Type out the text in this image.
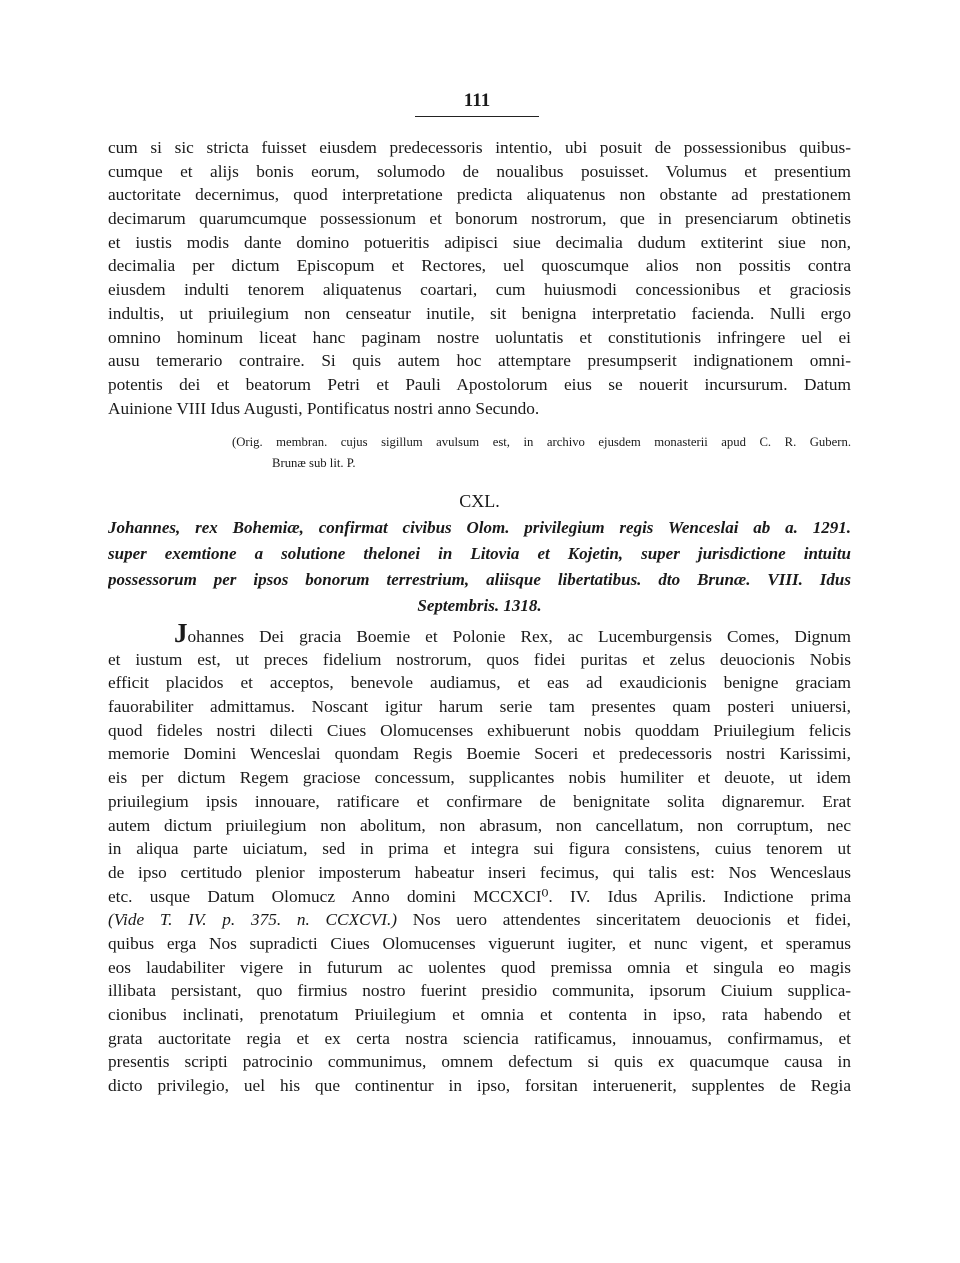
111
cum si sic stricta fuisset eiusdem predecessoris intentio, ubi posuit de possessionibus quibus-
cumque et alijs bonis eorum, solumodo de noualibus posuisset. Volumus et presentium
auctoritate decernimus, quod interpretatione predicta aliquatenus non obstante ad prestationem
decimarum quarumcumque possessionum et bonorum nostrorum, que in presenciarum obtinetis
et iustis modis dante domino potueritis adipisci siue decimalia dudum extiterint siue non,
decimalia per dictum Episcopum et Rectores, uel quoscumque alios non possitis contra
eiusdem indulti tenorem aliquatenus coartari, cum huiusmodi concessionibus et graciosis
indultis, ut priuilegium non censeatur inutile, sit benigna interpretatio facienda. Nulli ergo
omnino hominum liceat hanc paginam nostre uoluntatis et constitutionis infringere uel ei
ausu temerario contraire. Si quis autem hoc attemptare presumpserit indignationem omni-
potentis dei et beatorum Petri et Pauli Apostolorum eius se nouerit incursurum. Datum
Auinione VIII Idus Augusti, Pontificatus nostri anno Secundo.
(Orig. membran. cujus sigillum avulsum est, in archivo ejusdem monasterii apud C. R. Gubern.
Brunæ sub lit. P.
CXL.
Johannes, rex Bohemiæ, confirmat civibus Olom. privilegium regis Wenceslai ab a. 1291.
super exemtione a solutione thelonei in Litovia et Kojetin, super jurisdictione intuitu
possessorum per ipsos bonorum terrestrium, aliisque libertatibus. dto Brunæ. VIII. Idus
Septembris. 1318.
Johannes Dei gracia Boemie et Polonie Rex, ac Lucemburgensis Comes, Dignum
et iustum est, ut preces fidelium nostrorum, quos fidei puritas et zelus deuocionis Nobis
efficit placidos et acceptos, benevole audiamus, et eas ad exaudicionis benigne graciam
fauorabiliter admittamus. Noscant igitur harum serie tam presentes quam posteri uniuersi,
quod fideles nostri dilecti Ciues Olomucenses exhibuerunt nobis quoddam Priuilegium felicis
memorie Domini Wenceslai quondam Regis Boemie Soceri et predecessoris nostri Karissimi,
eis per dictum Regem graciose concessum, supplicantes nobis humiliter et deuote, ut idem
priuilegium ipsis innouare, ratificare et confirmare de benignitate solita dignaremur. Erat
autem dictum priuilegium non abolitum, non abrasum, non cancellatum, non corruptum, nec
in aliqua parte uiciatum, sed in prima et integra sui figura consistens, cuius tenorem ut
de ipso certitudo plenior imposterum habeatur inseri fecimus, qui talis est: Nos Wenceslaus
etc. usque Datum Olomucz Anno domini MCCXCI⁰. IV. Idus Aprilis. Indictione prima
(Vide T. IV. p. 375. n. CCXCVI.) Nos uero attendentes sinceritatem deuocionis et fidei,
quibus erga Nos supradicti Ciues Olomucenses viguerunt iugiter, et nunc vigent, et speramus
eos laudabiliter vigere in futurum ac uolentes quod premissa omnia et singula eo magis
illibata persistant, quo firmius nostro fuerint presidio communita, ipsorum Ciuium supplica-
cionibus inclinati, prenotatum Priuilegium et omnia et contenta in ipso, rata habendo et
grata auctoritate regia et ex certa nostra sciencia ratificamus, innouamus, confirmamus, et
presentis scripti patrocinio communimus, omnem defectum si quis ex quacumque causa in
dicto privilegio, uel his que continentur in ipso, forsitan interuenerit, supplentes de Regia
